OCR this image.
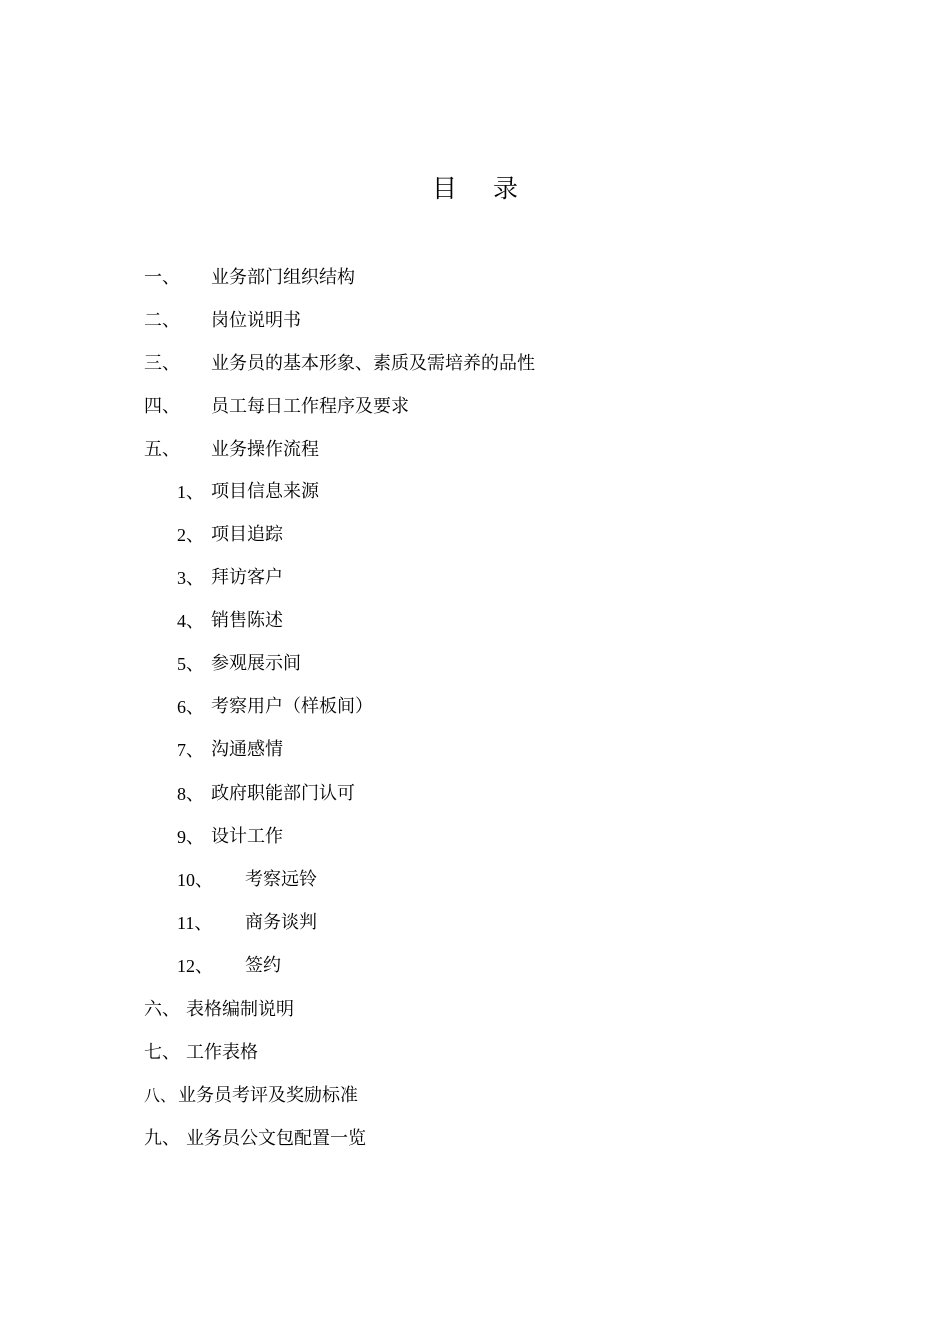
目 录
一、 业务部门组织结构
二、 岗位说明书
三、 业务员的基本形象、素质及需培养的品性
四、 员工每日工作程序及要求
五、 业务操作流程
1、 项目信息来源
2、 项目追踪
3、 拜访客户
4、 销售陈述
5、 参观展示间
6、 考察用户（样板间）
7、 沟通感情
8、 政府职能部门认可
9、 设计工作
10、 考察远铃
11、 商务谈判
12、 签约
六、 表格编制说明
七、 工作表格
八、 业务员考评及奖励标准
九、 业务员公文包配置一览
